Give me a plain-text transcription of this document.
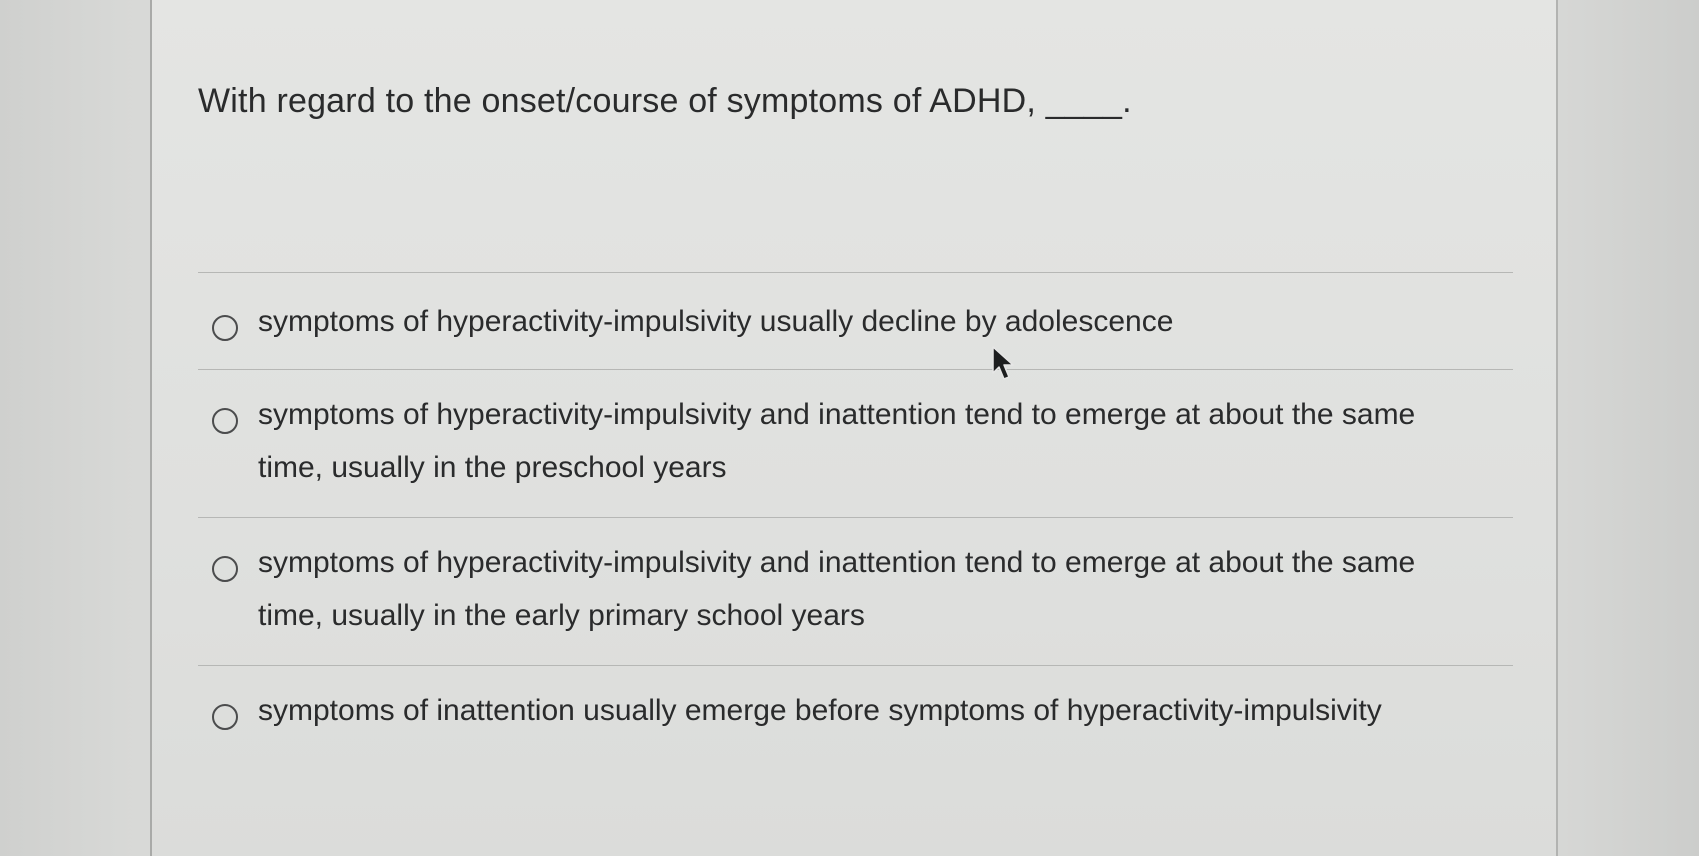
With regard to the onset/course of symptoms of ADHD, ____.

symptoms of hyperactivity-impulsivity usually decline by adolescence
symptoms of hyperactivity-impulsivity and inattention tend to emerge at about the same time, usually in the preschool years
symptoms of hyperactivity-impulsivity and inattention tend to emerge at about the same time, usually in the early primary school years
symptoms of inattention usually emerge before symptoms of hyperactivity-impulsivity
